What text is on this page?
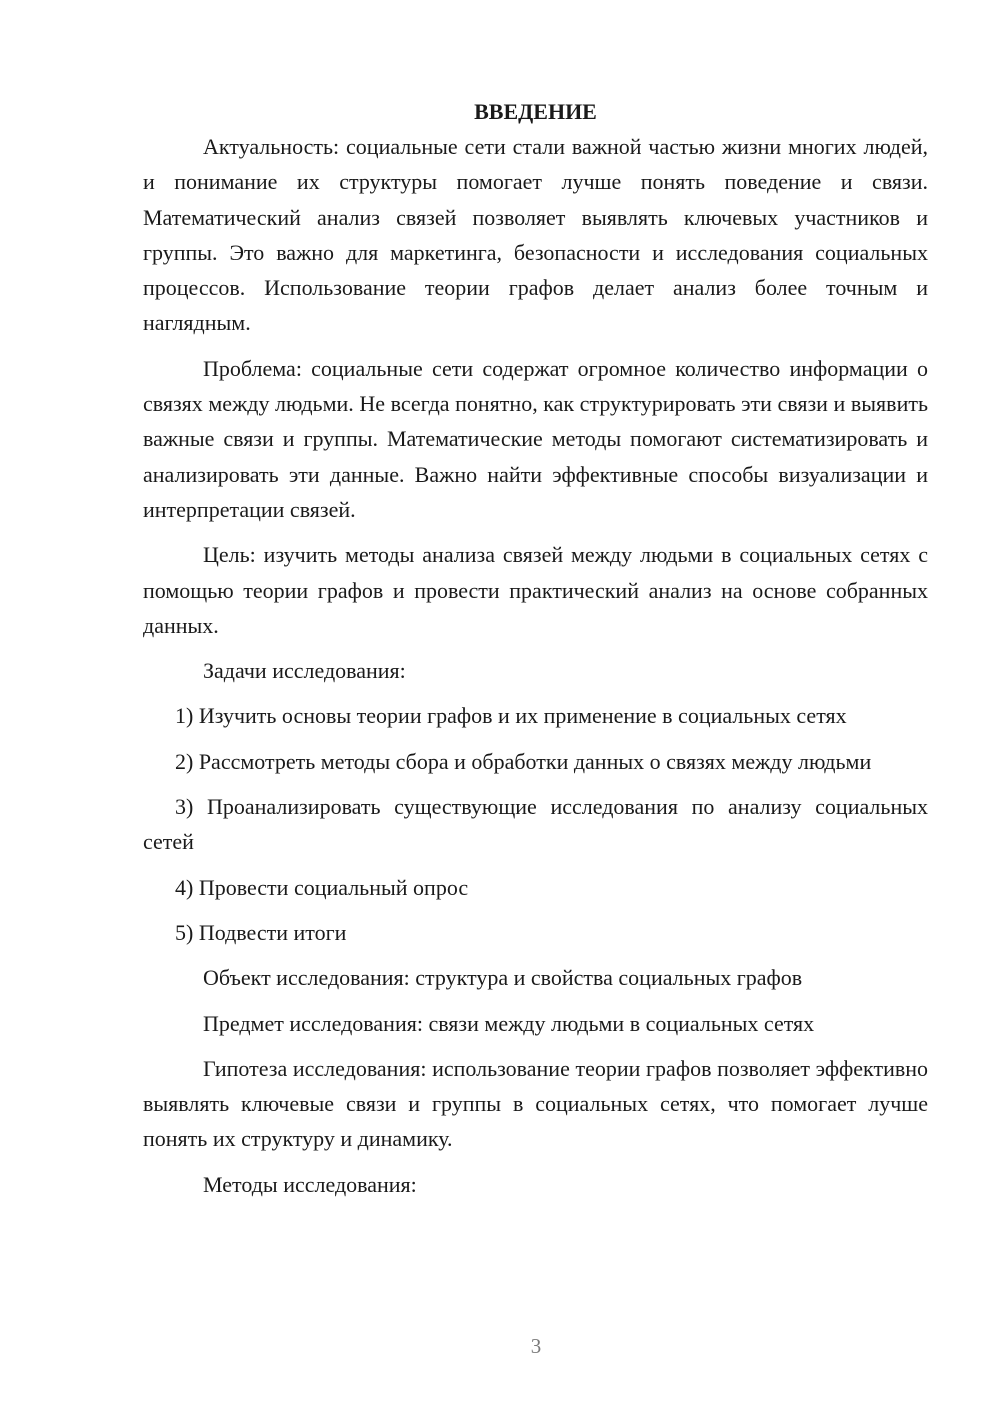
ВВЕДЕНИЕ

Актуальность: социальные сети стали важной частью жизни многих людей, и понимание их структуры помогает лучше понять поведение и связи. Математический анализ связей позволяет выявлять ключевых участников и группы. Это важно для маркетинга, безопасности и исследования социальных процессов. Использование теории графов делает анализ более точным и наглядным.

Проблема: социальные сети содержат огромное количество информации о связях между людьми. Не всегда понятно, как структурировать эти связи и выявить важные связи и группы. Математические методы помогают систематизировать и анализировать эти данные. Важно найти эффективные способы визуализации и интерпретации связей.

Цель: изучить методы анализа связей между людьми в социальных сетях с помощью теории графов и провести практический анализ на основе собранных данных.

Задачи исследования:

1) Изучить основы теории графов и их применение в социальных сетях

2) Рассмотреть методы сбора и обработки данных о связях между людьми

3) Проанализировать существующие исследования по анализу социальных сетей

4) Провести социальный опрос

5) Подвести итоги

Объект исследования: структура и свойства социальных графов

Предмет исследования: связи между людьми в социальных сетях

Гипотеза исследования: использование теории графов позволяет эффективно выявлять ключевые связи и группы в социальных сетях, что помогает лучше понять их структуру и динамику.

Методы исследования:

3
